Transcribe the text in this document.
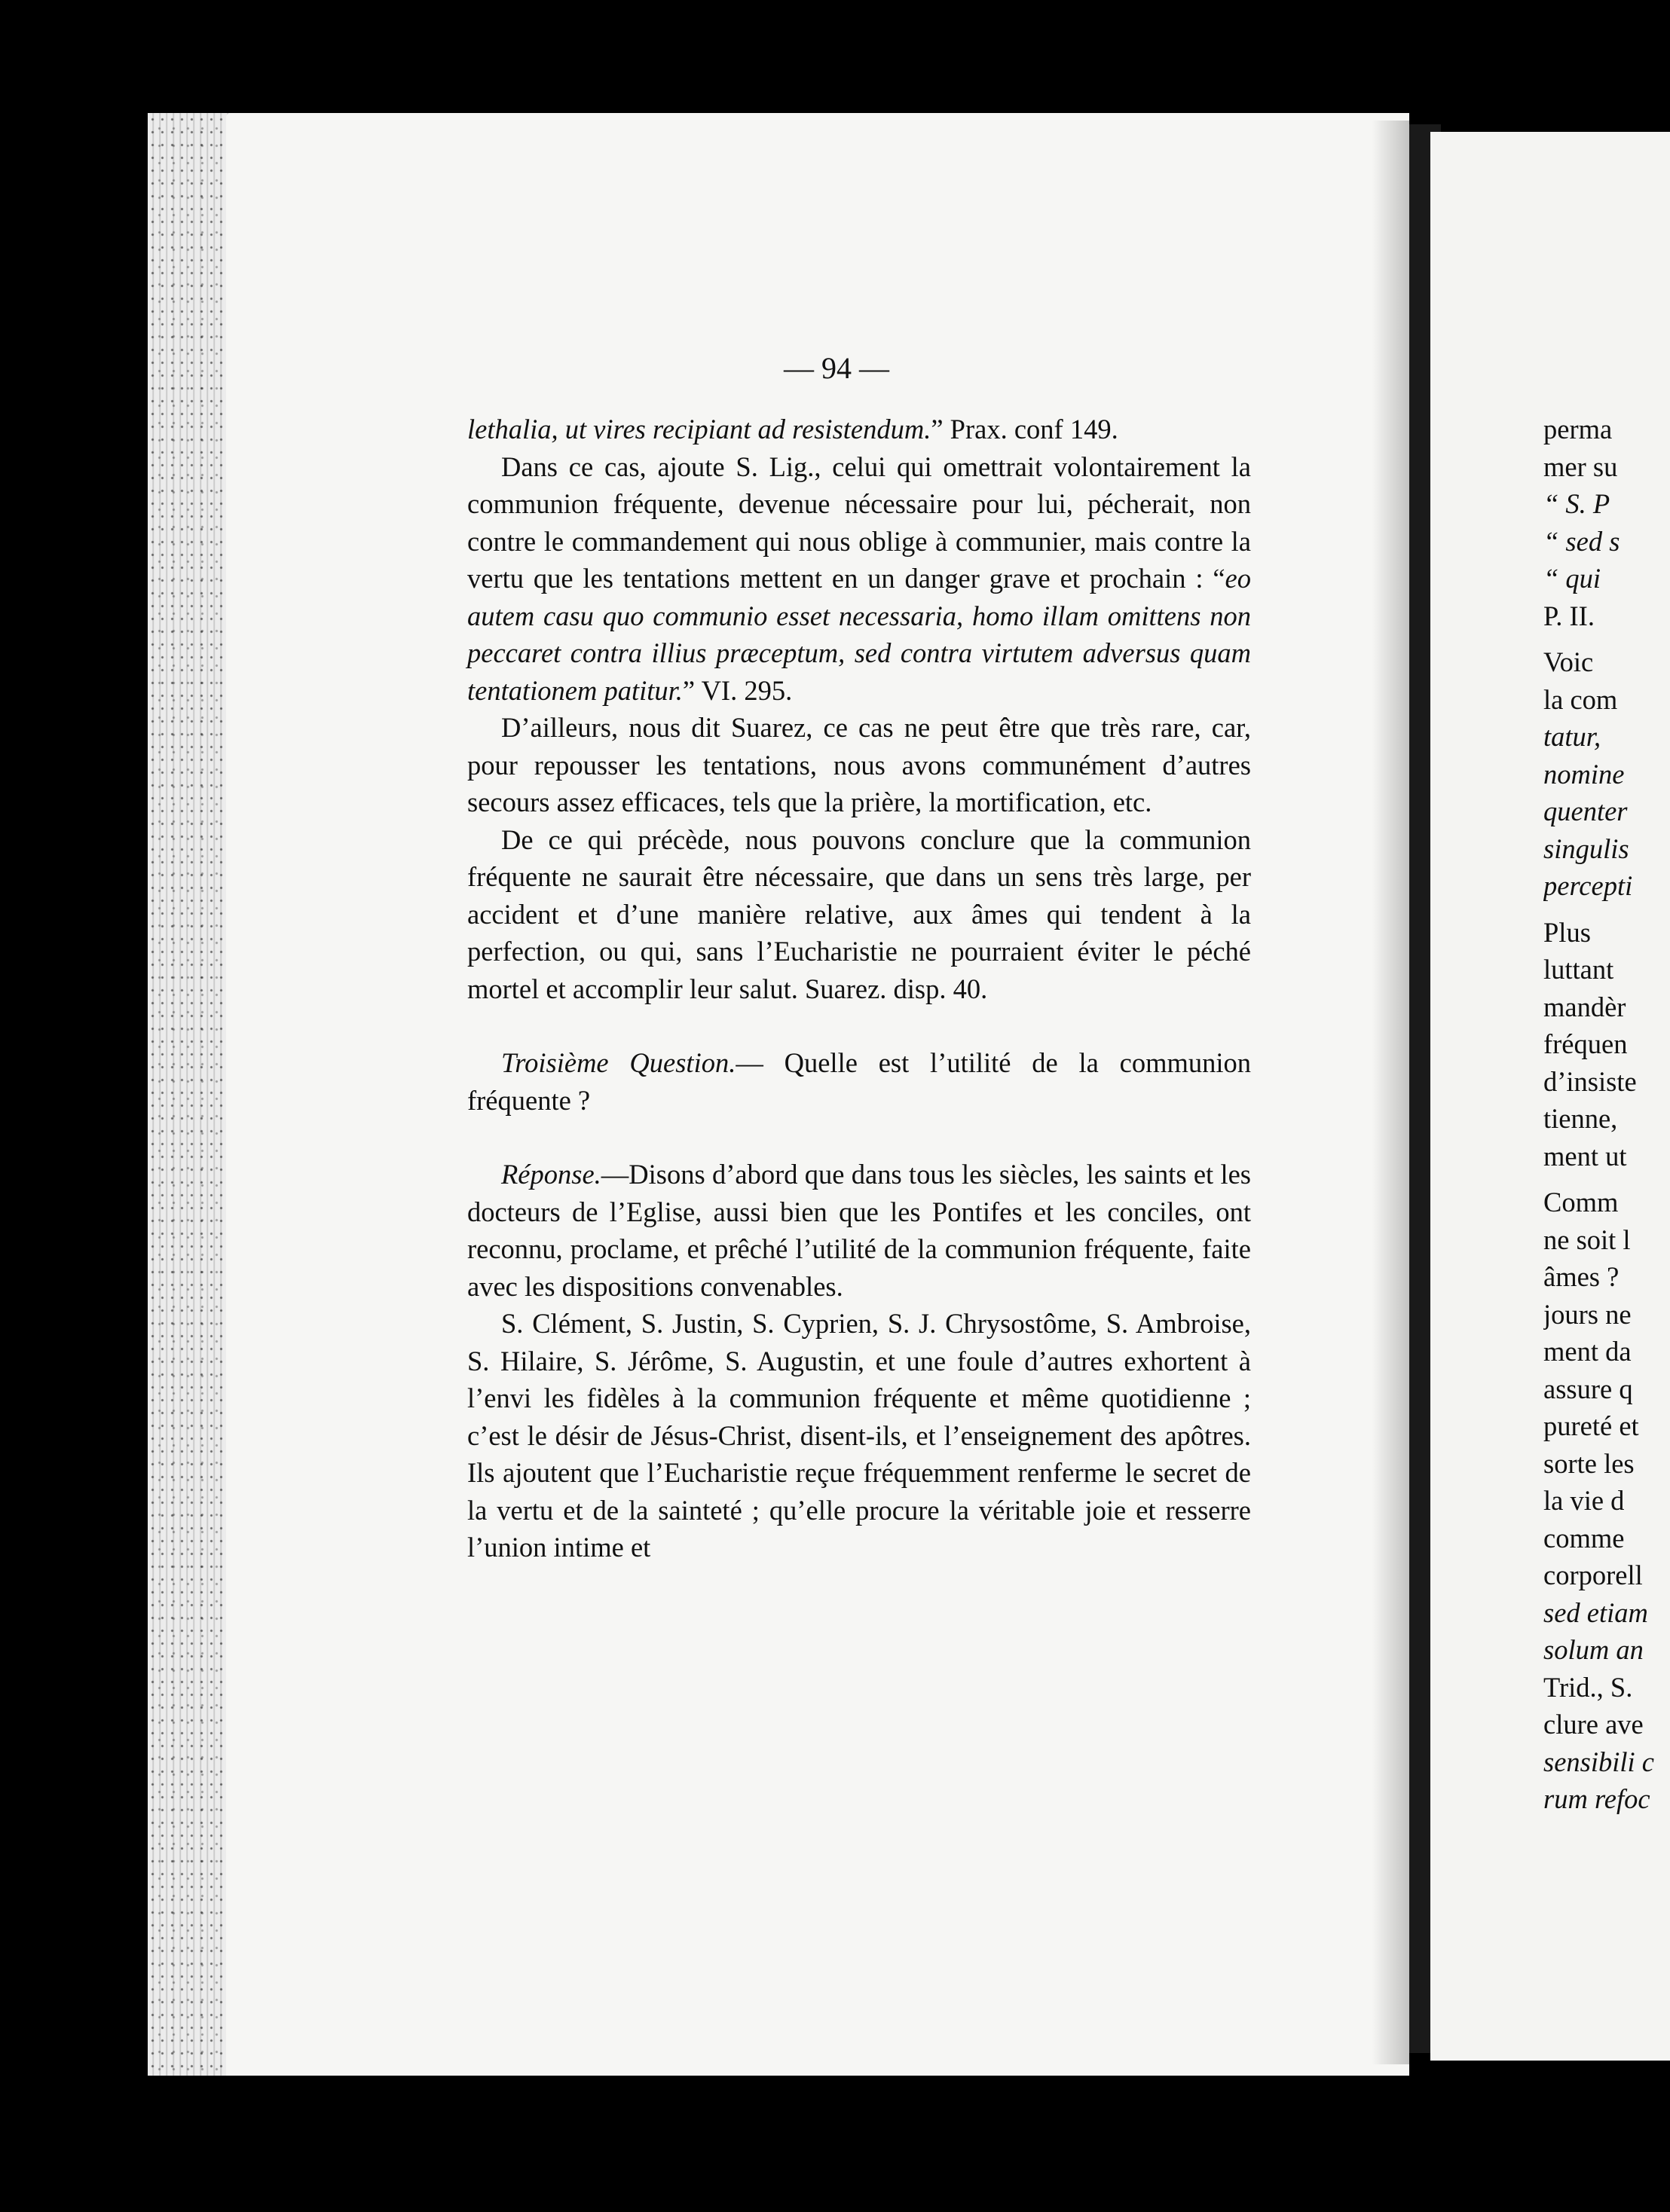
— 94 —

lethalia, ut vires recipiant ad resistendum.” Prax. conf 149.

Dans ce cas, ajoute S. Lig., celui qui omettrait volontairement la communion fréquente, devenue nécessaire pour lui, pécherait, non contre le commandement qui nous oblige à communier, mais contre la vertu que les tentations mettent en un danger grave et prochain : “eo autem casu quo communio esset necessaria, homo illam omittens non peccaret contra illius præceptum, sed contra virtutem adversus quam tentationem patitur.” VI. 295.

D’ailleurs, nous dit Suarez, ce cas ne peut être que très rare, car, pour repousser les tentations, nous avons communément d’autres secours assez efficaces, tels que la prière, la mortification, etc.

De ce qui précède, nous pouvons conclure que la communion fréquente ne saurait être nécessaire, que dans un sens très large, per accident et d’une manière relative, aux âmes qui tendent à la perfection, ou qui, sans l’Eucharistie ne pourraient éviter le péché mortel et accomplir leur salut. Suarez. disp. 40.

Troisième Question.— Quelle est l’utilité de la communion fréquente ?

Réponse.—Disons d’abord que dans tous les siècles, les saints et les docteurs de l’Eglise, aussi bien que les Pontifes et les conciles, ont reconnu, proclame, et prêché l’utilité de la communion fréquente, faite avec les dispositions convenables.

S. Clément, S. Justin, S. Cyprien, S. J. Chrysostôme, S. Ambroise, S. Hilaire, S. Jérôme, S. Augustin, et une foule d’autres exhortent à l’envi les fidèles à la communion fréquente et même quotidienne ; c’est le désir de Jésus-Christ, disent-ils, et l’enseignement des apôtres. Ils ajoutent que l’Eucharistie reçue fréquemment renferme le secret de la vertu et de la sainteté ; qu’elle procure la véritable joie et resserre l’union intime et

perma
mer su
“ S. P
“ sed s
“ qui
P. II.
Voic
la com
tatur,
nomine
quenter
singulis
percepti
Plus
luttant
mandèr
fréquen
d’insiste
tienne,
ment ut
Comm
ne soit l
âmes ?
jours ne
ment da
assure q
pureté et
sorte les
la vie d
comme
corporell
sed etiam
solum an
Trid., S.
clure ave
sensibili c
rum refoc
